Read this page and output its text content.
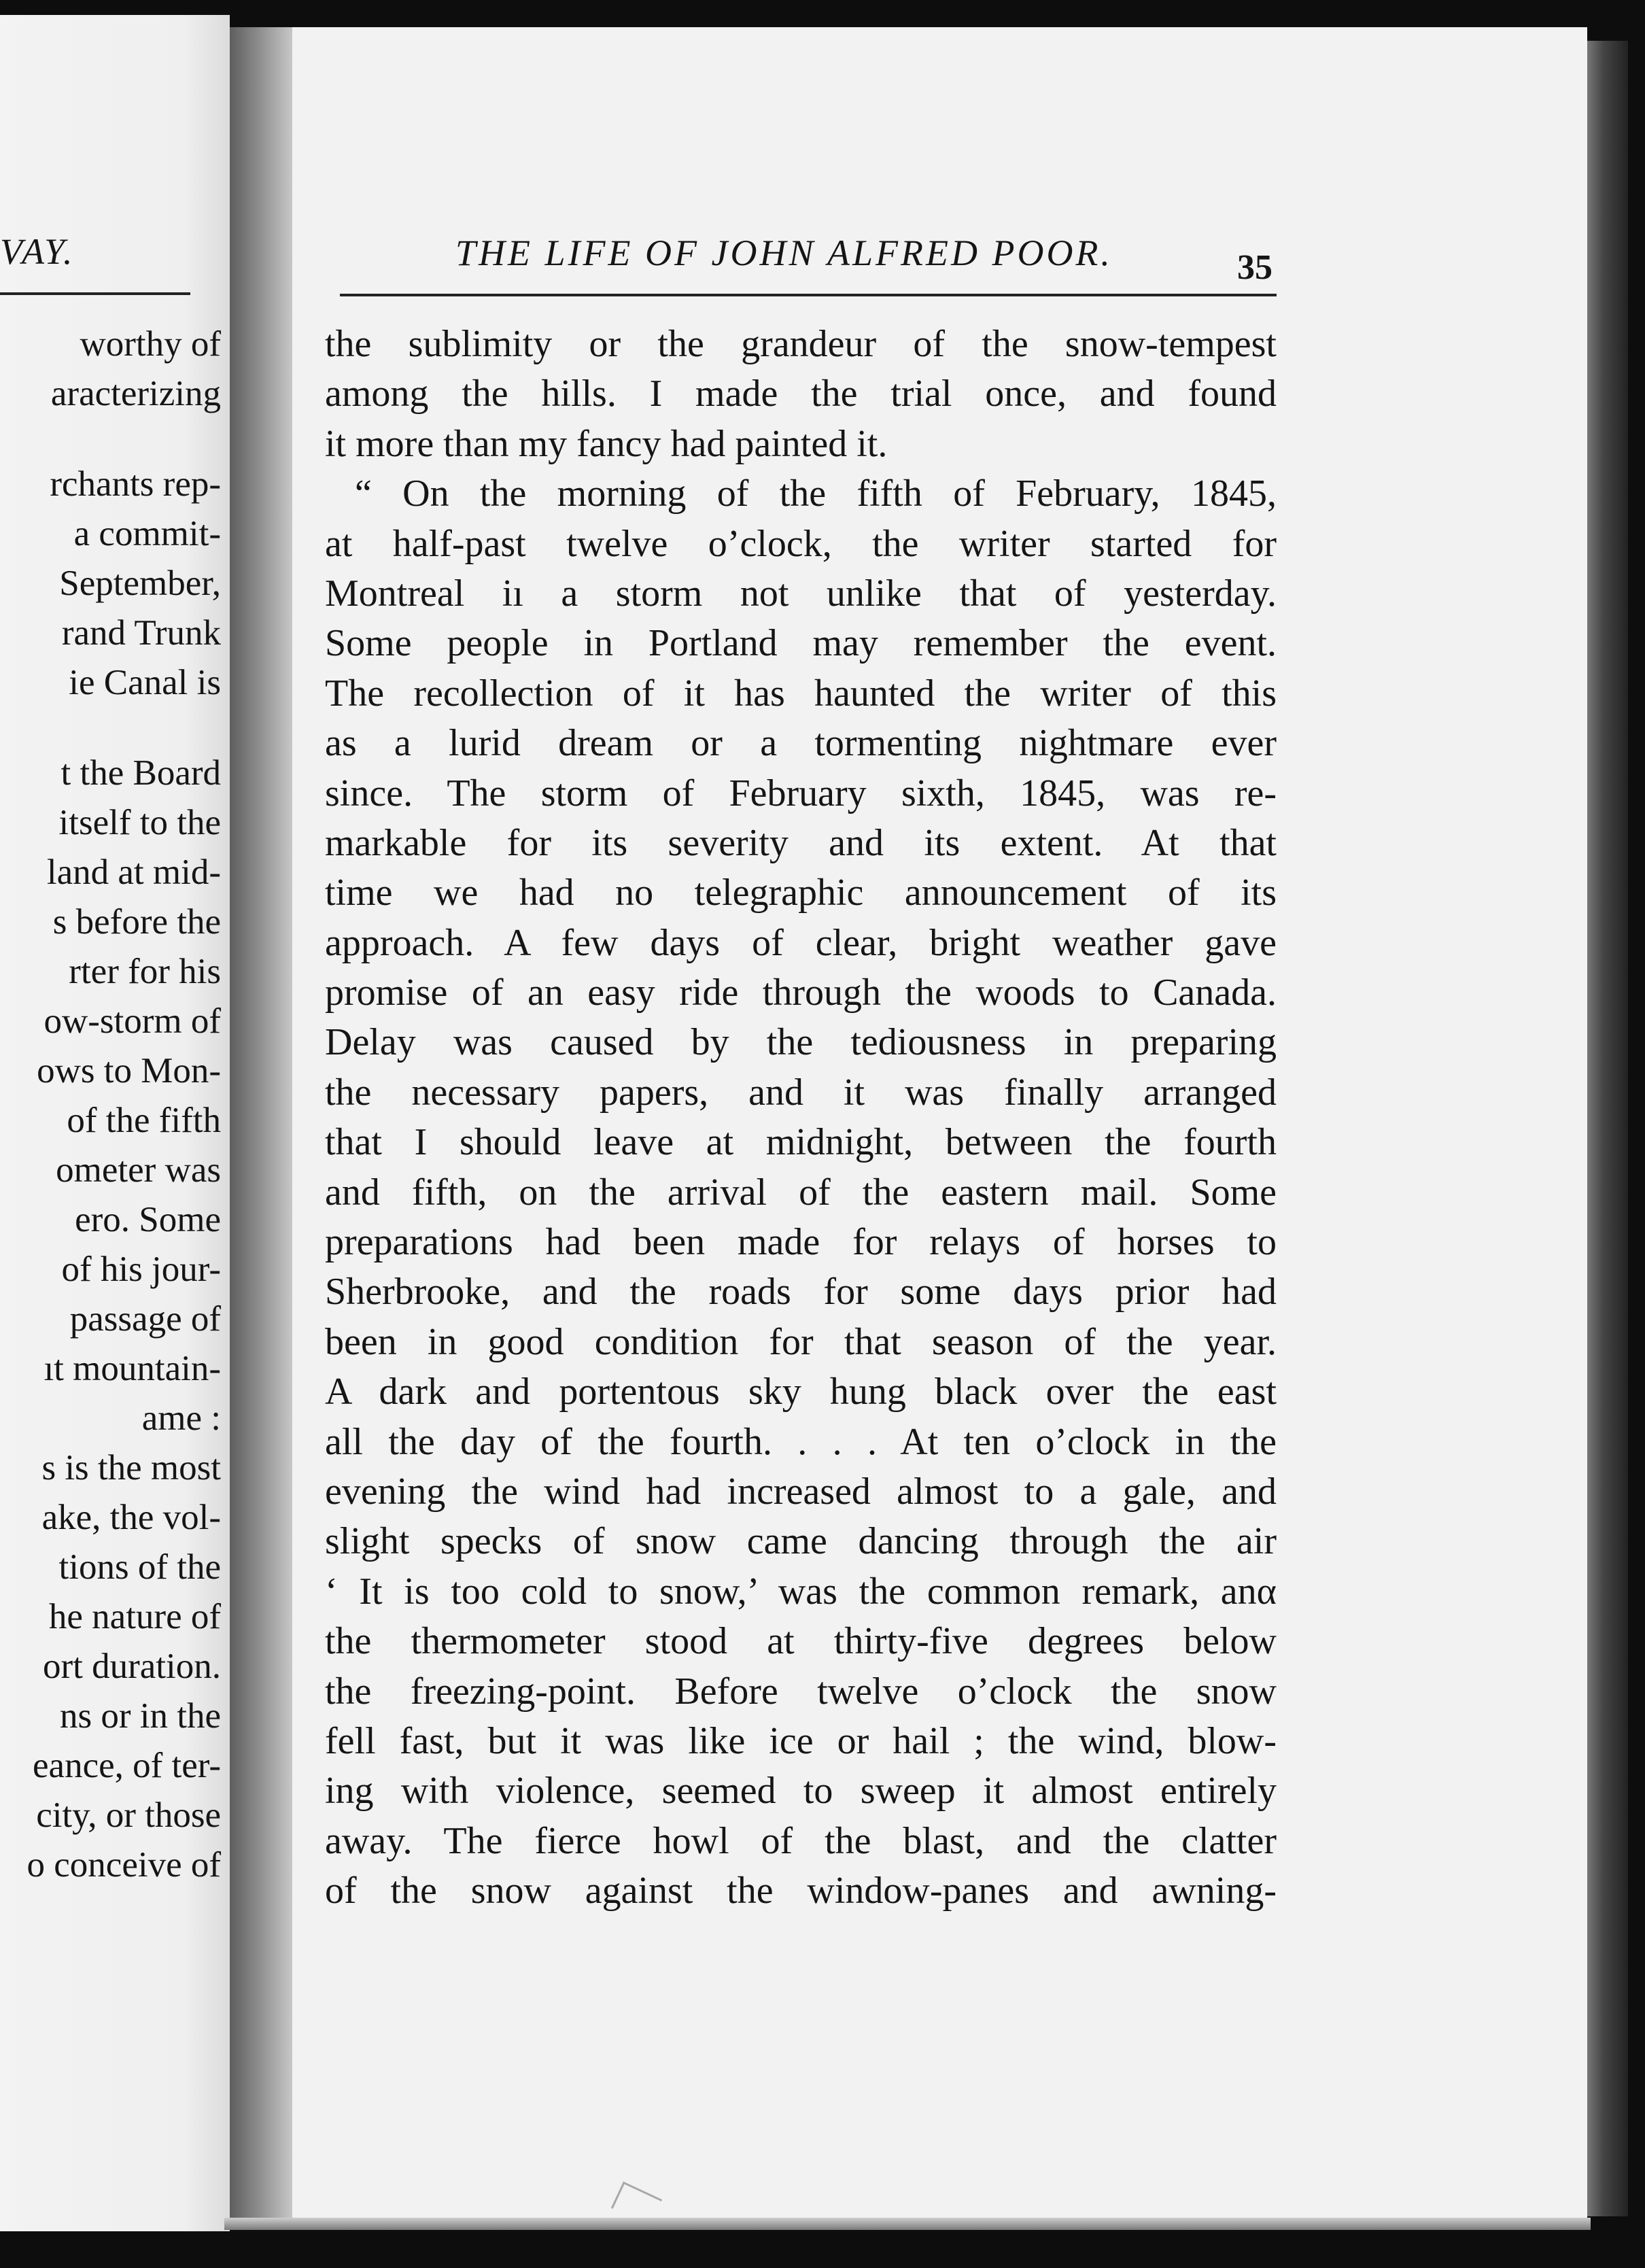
VAY.
worthy of
aracterizing
rchants rep-
a commit-
September,
rand Trunk
ie Canal is
t the Board
itself to the
land at mid-
s before the
rter for his
ow-storm of
ows to Mon-
of the fifth
ometer was
ero. Some
of his jour-
passage of
ıt mountain-
ame :
s is the most
ake, the vol-
tions of the
he nature of
ort duration.
ns or in the
eance, of ter-
city, or those
o conceive of
THE LIFE OF JOHN ALFRED POOR.	35
the sublimity or the grandeur of the snow-tempest
among the hills. I made the trial once, and found
it more than my fancy had painted it.
“ On the morning of the fifth of February, 1845,
at half-past twelve o’clock, the writer started for
Montreal iı a storm not unlike that of yesterday.
Some people in Portland may remember the event.
The recollection of it has haunted the writer of this
as a lurid dream or a tormenting nightmare ever
since. The storm of February sixth, 1845, was re-
markable for its severity and its extent. At that
time we had no telegraphic announcement of its
approach. A few days of clear, bright weather gave
promise of an easy ride through the woods to Canada.
Delay was caused by the tediousness in preparing
the necessary papers, and it was finally arranged
that I should leave at midnight, between the fourth
and fifth, on the arrival of the eastern mail. Some
preparations had been made for relays of horses to
Sherbrooke, and the roads for some days prior had
been in good condition for that season of the year.
A dark and portentous sky hung black over the east
all the day of the fourth. . . . At ten o’clock in the
evening the wind had increased almost to a gale, and
slight specks of snow came dancing through the air
‘ It is too cold to snow,’ was the common remark, anα
the thermometer stood at thirty-five degrees below
the freezing-point. Before twelve o’clock the snow
fell fast, but it was like ice or hail ; the wind, blow-
ing with violence, seemed to sweep it almost entirely
away. The fierce howl of the blast, and the clatter
of the snow against the window-panes and awning-
